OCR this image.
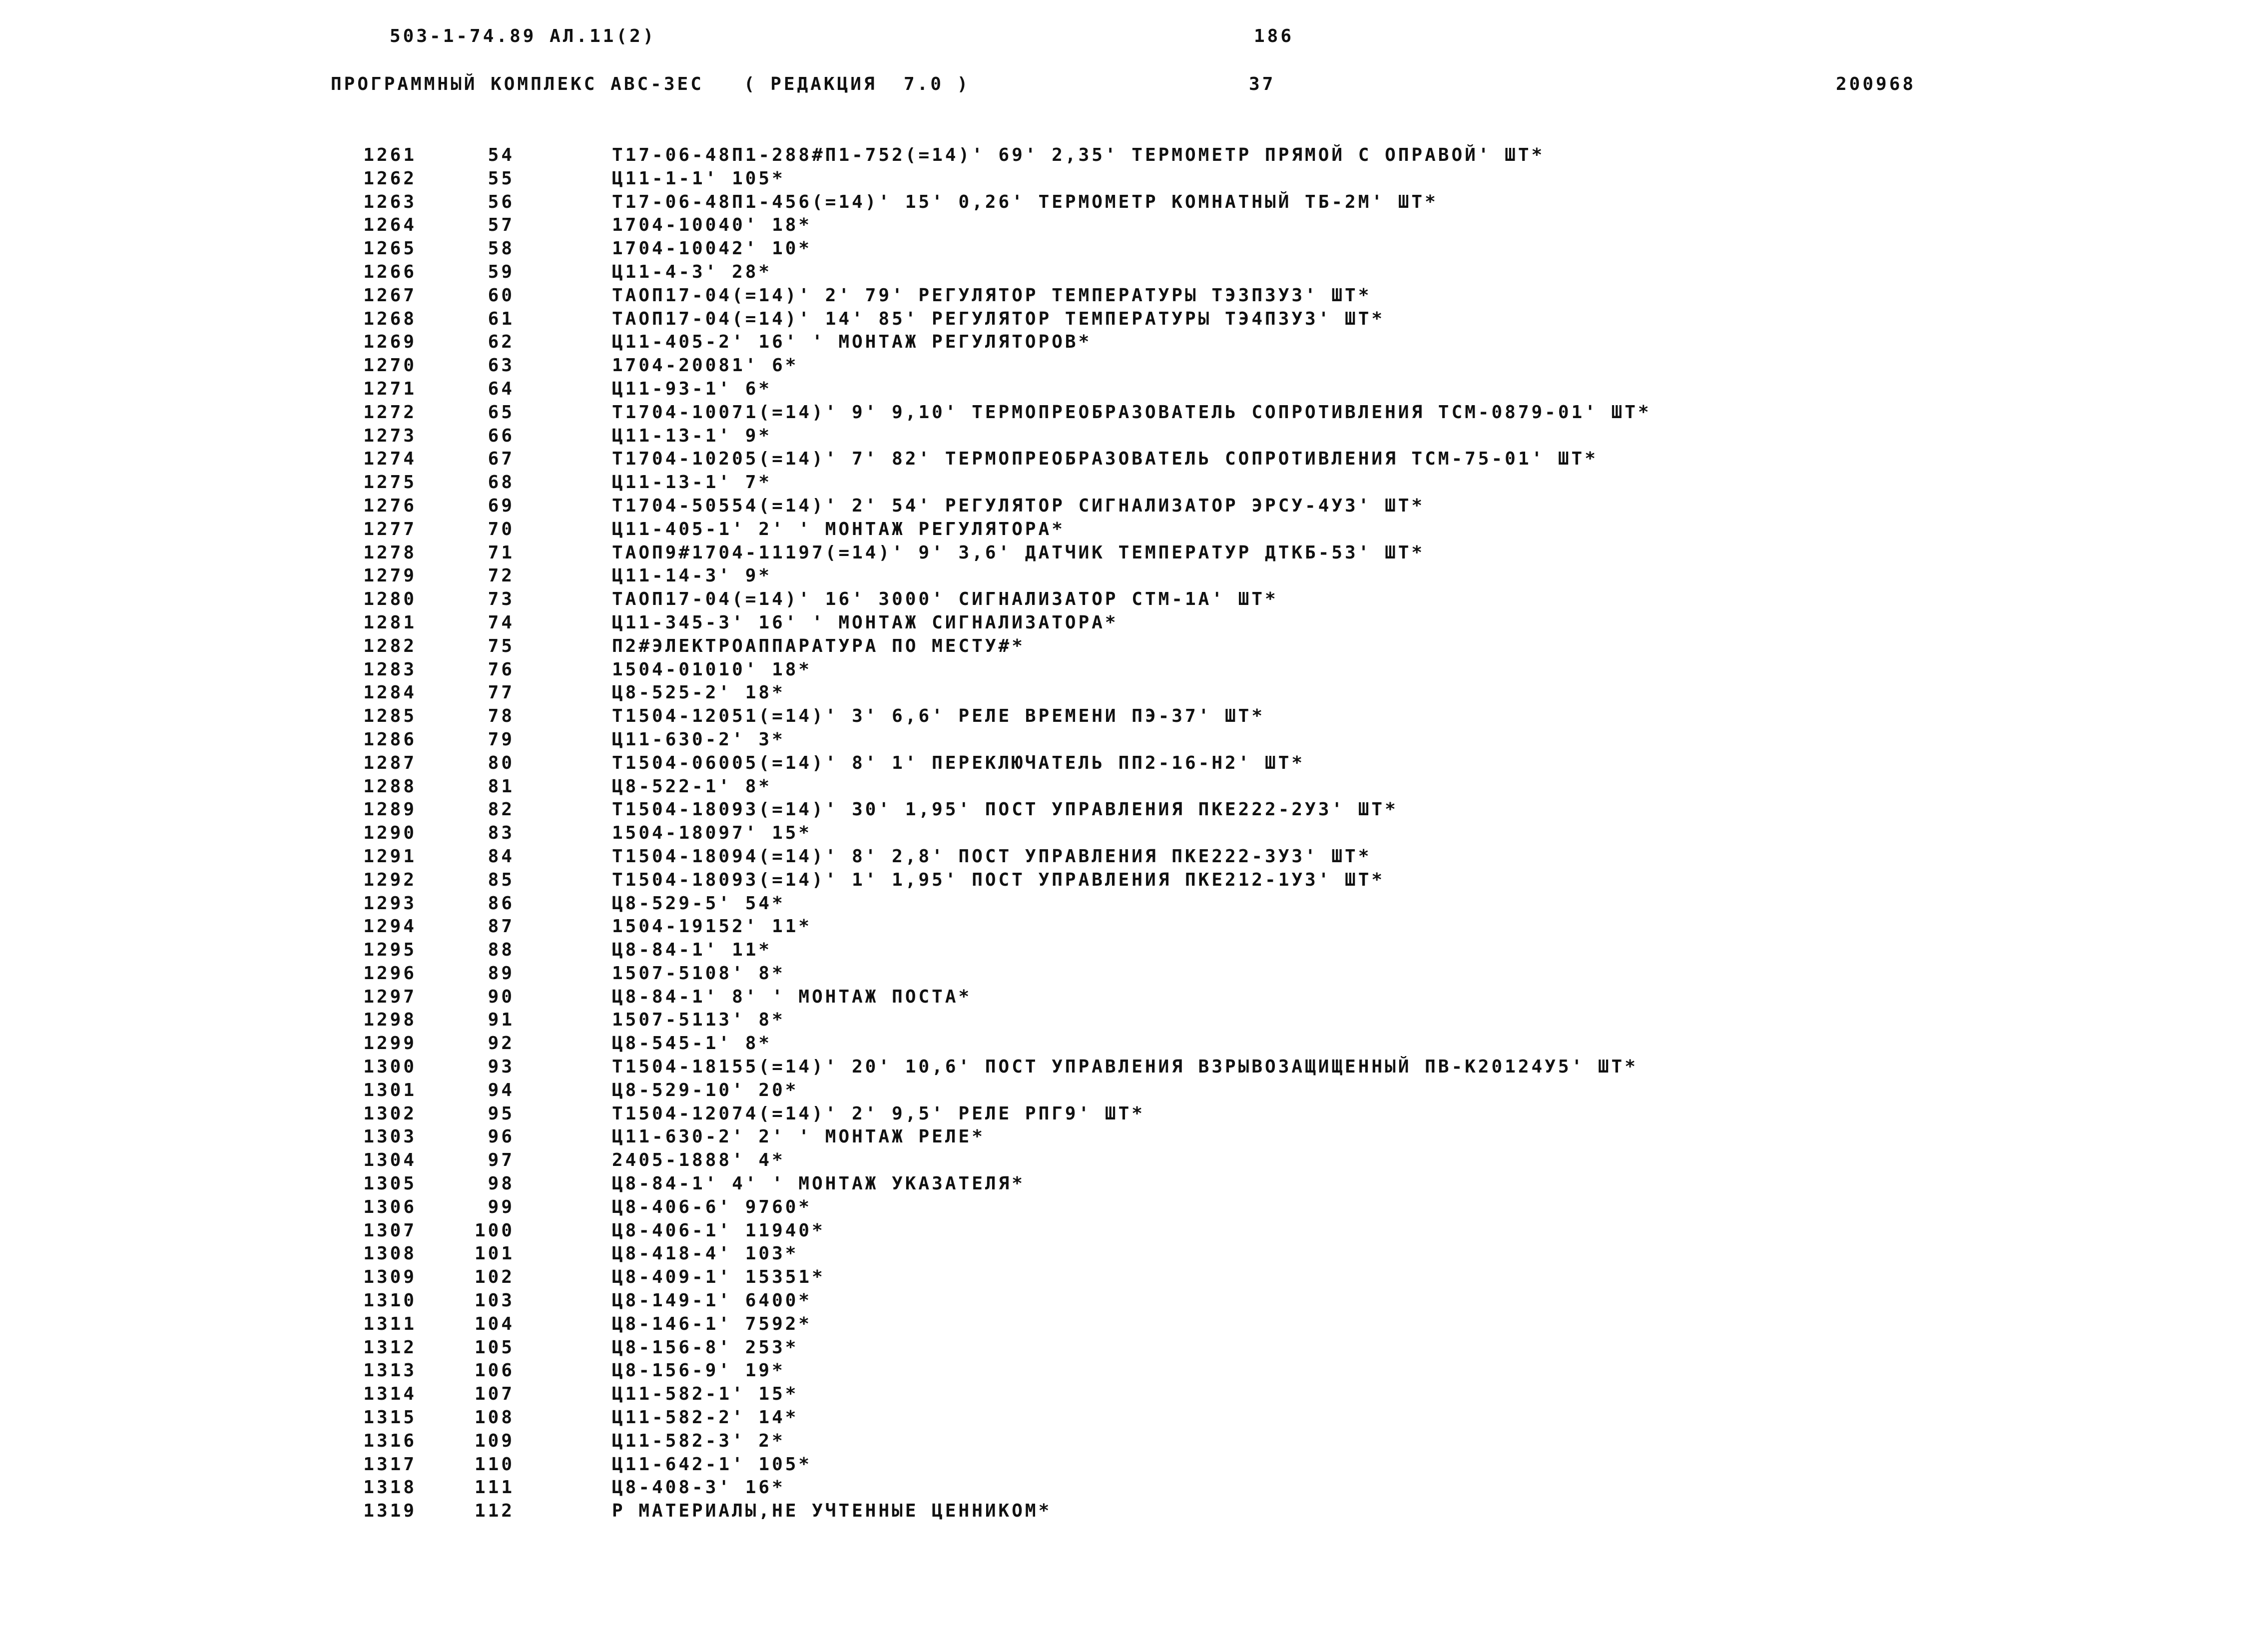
503-1-74.89 АЛ.11(2)	186
ПРОГРАММНЫЙ КОМПЛЕКС АВС-3ЕС   ( РЕДАКЦИЯ  7.0 )	37	200968
1261	54	Т17-06-48П1-288#П1-752(=14)' 69' 2,35' ТЕРМОМЕТР ПРЯМОЙ С ОПРАВОЙ' ШТ*
1262	55	Ц11-1-1' 105*
1263	56	Т17-06-48П1-456(=14)' 15' 0,26' ТЕРМОМЕТР КОМНАТНЫЙ ТБ-2М' ШТ*
1264	57	1704-10040' 18*
1265	58	1704-10042' 10*
1266	59	Ц11-4-3' 28*
1267	60	ТАОП17-04(=14)' 2' 79' РЕГУЛЯТОР ТЕМПЕРАТУРЫ ТЭЗПЗУЗ' ШТ*
1268	61	ТАОП17-04(=14)' 14' 85' РЕГУЛЯТОР ТЕМПЕРАТУРЫ ТЭ4ПЗУЗ' ШТ*
1269	62	Ц11-405-2' 16' ' МОНТАЖ РЕГУЛЯТОРОВ*
1270	63	1704-20081' 6*
1271	64	Ц11-93-1' 6*
1272	65	Т1704-10071(=14)' 9' 9,10' ТЕРМОПРЕОБРАЗОВАТЕЛЬ СОПРОТИВЛЕНИЯ ТСМ-0879-01' ШТ*
1273	66	Ц11-13-1' 9*
1274	67	Т1704-10205(=14)' 7' 82' ТЕРМОПРЕОБРАЗОВАТЕЛЬ СОПРОТИВЛЕНИЯ ТСМ-75-01' ШТ*
1275	68	Ц11-13-1' 7*
1276	69	Т1704-50554(=14)' 2' 54' РЕГУЛЯТОР СИГНАЛИЗАТОР ЭРСУ-4УЗ' ШТ*
1277	70	Ц11-405-1' 2' ' МОНТАЖ РЕГУЛЯТОРА*
1278	71	ТАОП9#1704-11197(=14)' 9' 3,6' ДАТЧИК ТЕМПЕРАТУР ДТКБ-53' ШТ*
1279	72	Ц11-14-3' 9*
1280	73	ТАОП17-04(=14)' 16' 3000' СИГНАЛИЗАТОР СТМ-1А' ШТ*
1281	74	Ц11-345-3' 16' ' МОНТАЖ СИГНАЛИЗАТОРА*
1282	75	П2#ЭЛЕКТРОАППАРАТУРА ПО МЕСТУ#*
1283	76	1504-01010' 18*
1284	77	Ц8-525-2' 18*
1285	78	Т1504-12051(=14)' 3' 6,6' РЕЛЕ ВРЕМЕНИ ПЭ-37' ШТ*
1286	79	Ц11-630-2' 3*
1287	80	Т1504-06005(=14)' 8' 1' ПЕРЕКЛЮЧАТЕЛЬ ПП2-16-Н2' ШТ*
1288	81	Ц8-522-1' 8*
1289	82	Т1504-18093(=14)' 30' 1,95' ПОСТ УПРАВЛЕНИЯ ПКЕ222-2УЗ' ШТ*
1290	83	1504-18097' 15*
1291	84	Т1504-18094(=14)' 8' 2,8' ПОСТ УПРАВЛЕНИЯ ПКЕ222-3УЗ' ШТ*
1292	85	Т1504-18093(=14)' 1' 1,95' ПОСТ УПРАВЛЕНИЯ ПКЕ212-1УЗ' ШТ*
1293	86	Ц8-529-5' 54*
1294	87	1504-19152' 11*
1295	88	Ц8-84-1' 11*
1296	89	1507-5108' 8*
1297	90	Ц8-84-1' 8' ' МОНТАЖ ПОСТА*
1298	91	1507-5113' 8*
1299	92	Ц8-545-1' 8*
1300	93	Т1504-18155(=14)' 20' 10,6' ПОСТ УПРАВЛЕНИЯ ВЗРЫВОЗАЩИЩЕННЫЙ ПВ-К20124У5' ШТ*
1301	94	Ц8-529-10' 20*
1302	95	Т1504-12074(=14)' 2' 9,5' РЕЛЕ РПГ9' ШТ*
1303	96	Ц11-630-2' 2' ' МОНТАЖ РЕЛЕ*
1304	97	2405-1888' 4*
1305	98	Ц8-84-1' 4' ' МОНТАЖ УКАЗАТЕЛЯ*
1306	99	Ц8-406-6' 9760*
1307	100	Ц8-406-1' 11940*
1308	101	Ц8-418-4' 103*
1309	102	Ц8-409-1' 15351*
1310	103	Ц8-149-1' 6400*
1311	104	Ц8-146-1' 7592*
1312	105	Ц8-156-8' 253*
1313	106	Ц8-156-9' 19*
1314	107	Ц11-582-1' 15*
1315	108	Ц11-582-2' 14*
1316	109	Ц11-582-3' 2*
1317	110	Ц11-642-1' 105*
1318	111	Ц8-408-3' 16*
1319	112	Р МАТЕРИАЛЫ,НЕ УЧТЕННЫЕ ЦЕННИКОМ*
